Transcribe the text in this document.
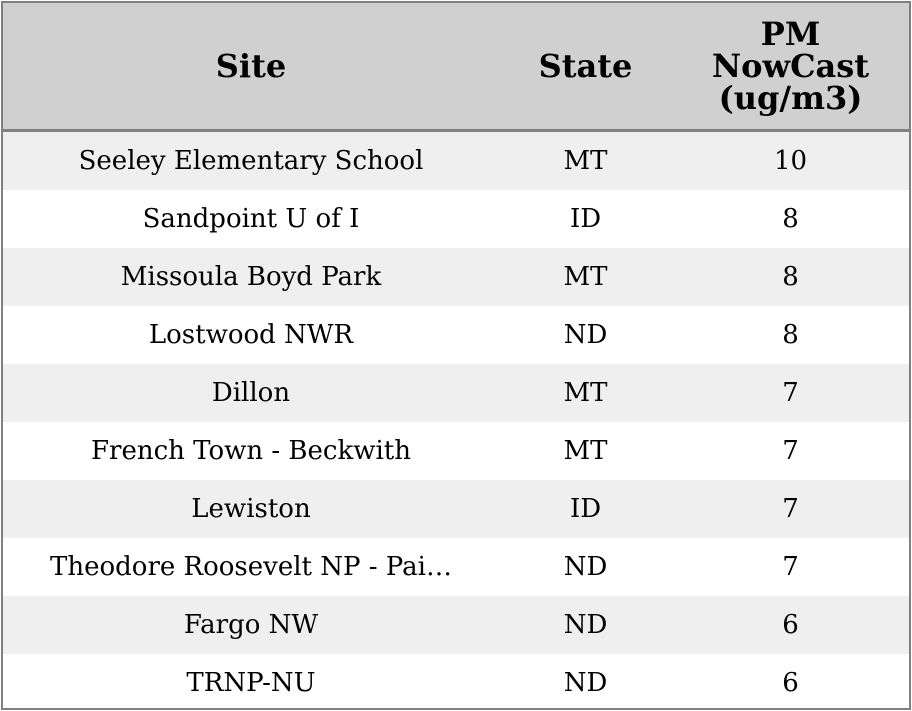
Site	State	PM
NowCast
(ug/m3)

Seeley Elementary School	MT	10
Sandpoint U of I	ID	8
Missoula Boyd Park	MT	8
Lostwood NWR	ND	8
Dillon	MT	7
French Town - Beckwith	MT	7
Lewiston	ID	7
Theodore Roosevelt NP - Pai…	ND	7
Fargo NW	ND	6
TRNP-NU	ND	6
